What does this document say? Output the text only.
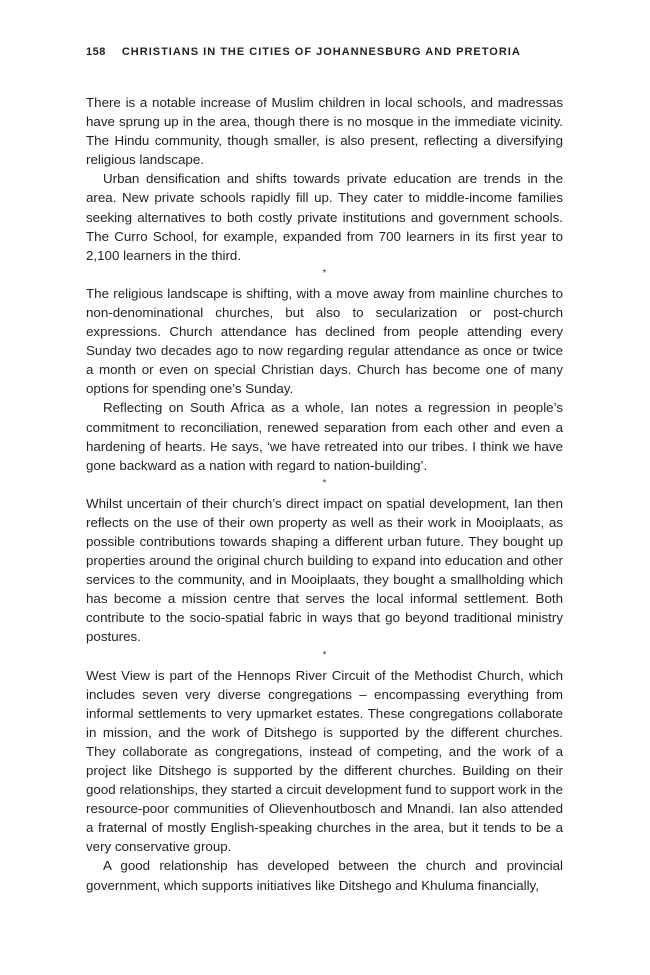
158 CHRISTIANS IN THE CITIES OF JOHANNESBURG AND PRETORIA

There is a notable increase of Muslim children in local schools, and madressas have sprung up in the area, though there is no mosque in the immediate vicinity. The Hindu community, though smaller, is also present, reflecting a diversifying religious landscape.

Urban densification and shifts towards private education are trends in the area. New private schools rapidly fill up. They cater to middle-income families seeking alternatives to both costly private institutions and government schools. The Curro School, for example, expanded from 700 learners in its first year to 2,100 learners in the third.

*

The religious landscape is shifting, with a move away from mainline churches to non-denominational churches, but also to secularization or post-church expressions. Church attendance has declined from people attending every Sunday two decades ago to now regarding regular attendance as once or twice a month or even on special Christian days. Church has become one of many options for spending one’s Sunday.

Reflecting on South Africa as a whole, Ian notes a regression in people’s commitment to reconciliation, renewed separation from each other and even a hardening of hearts. He says, ‘we have retreated into our tribes. I think we have gone backward as a nation with regard to nation-building’.

*

Whilst uncertain of their church’s direct impact on spatial development, Ian then reflects on the use of their own property as well as their work in Mooiplaats, as possible contributions towards shaping a different urban future. They bought up properties around the original church building to expand into education and other services to the community, and in Mooiplaats, they bought a smallholding which has become a mission centre that serves the local informal settlement. Both contribute to the socio-spatial fabric in ways that go beyond traditional ministry postures.

*

West View is part of the Hennops River Circuit of the Methodist Church, which includes seven very diverse congregations – encompassing everything from informal settlements to very upmarket estates. These congregations collaborate in mission, and the work of Ditshego is supported by the different churches. They collaborate as congregations, instead of competing, and the work of a project like Ditshego is supported by the different churches. Building on their good relationships, they started a circuit development fund to support work in the resource-poor communities of Olievenhoutbosch and Mnandi. Ian also attended a fraternal of mostly English-speaking churches in the area, but it tends to be a very conservative group.

A good relationship has developed between the church and provincial government, which supports initiatives like Ditshego and Khuluma financially,
